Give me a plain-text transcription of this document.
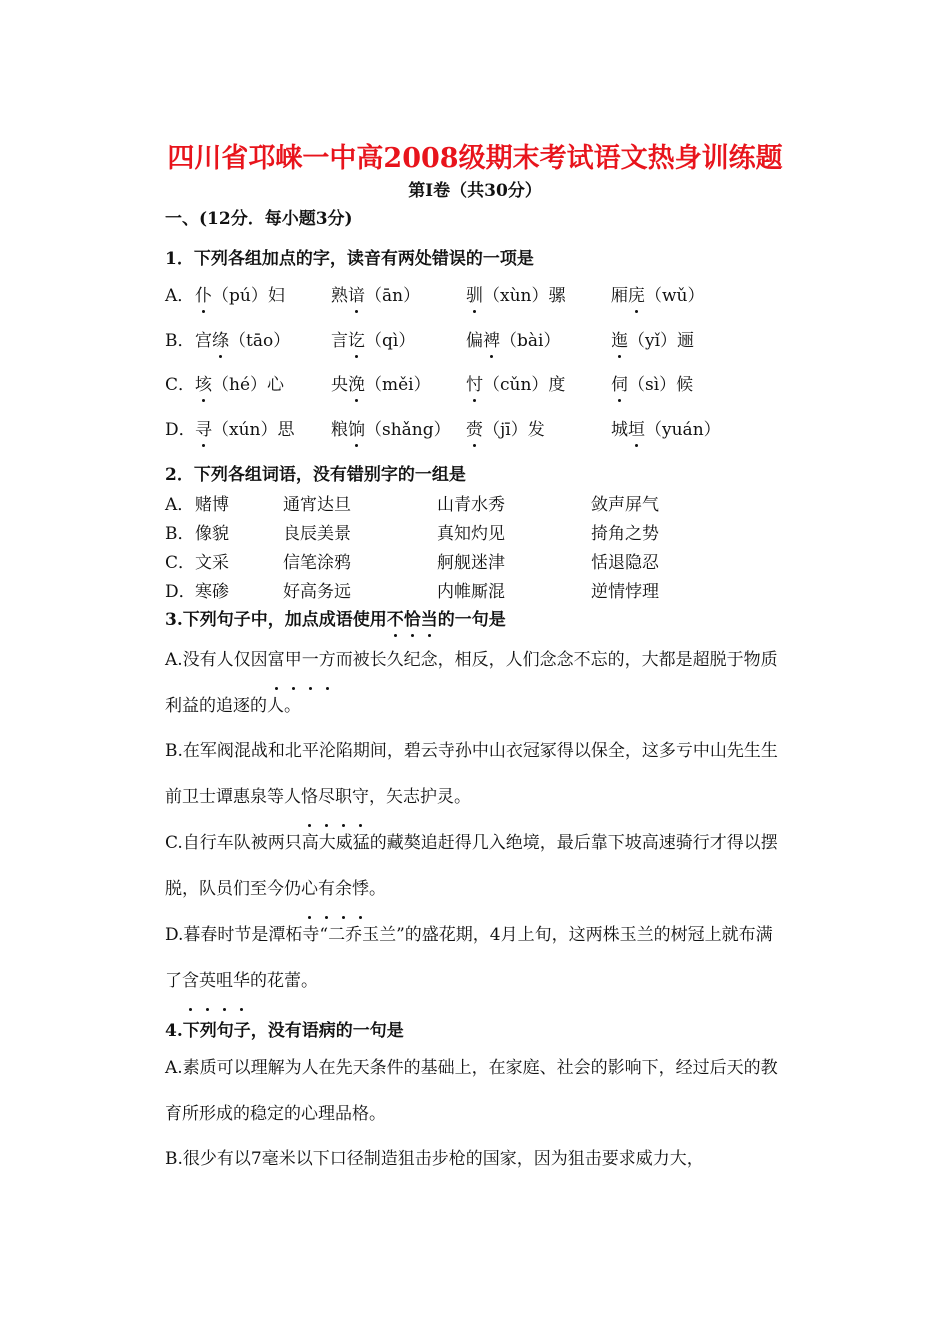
四川省邛崃一中高2008级期末考试语文热身训练题
第Ⅰ卷（共30分）
一、(12分．每小题3分)
1．下列各组加点的字，读音有两处错误的一项是
A． 仆（pú）妇	熟谙（ān）	驯（xùn）骡	厢庑（wǔ）
B． 宫绦（tāo） 言讫（qì）	偏裨（bài）	迤（yǐ）逦
C． 垓（hé）心	央浼（měi） 忖（cǔn）度	伺（sì）候
D． 寻（xún）思 粮饷（shǎng） 赍（jī）发	城垣（yuán）
2．下列各组词语，没有错别字的一组是
A． 赌博	通宵达旦	山青水秀	敛声屏气
B． 像貌	良辰美景	真知灼见	掎角之势
C． 文采	信笔涂鸦	舸舰迷津	恬退隐忍
D． 寒碜	好高务远	内帷厮混	逆情悖理
3.下列句子中，加点成语使用不恰当的一句是
A.没有人仅因富甲一方而被长久纪念，相反，人们念念不忘的，大都是超脱于物质利益的追逐的人。
B.在军阀混战和北平沦陷期间，碧云寺孙中山衣冠冢得以保全，这多亏中山先生生前卫士谭惠泉等人恪尽职守，矢志护灵。
C.自行车队被两只高大威猛的藏獒追赶得几入绝境，最后靠下坡高速骑行才得以摆脱，队员们至今仍心有余悸。
D.暮春时节是潭柘寺“二乔玉兰”的盛花期，4月上旬，这两株玉兰的树冠上就布满了含英咀华的花蕾。
4.下列句子，没有语病的一句是
A.素质可以理解为人在先天条件的基础上，在家庭、社会的影响下，经过后天的教育所形成的稳定的心理品格。
B.很少有以7毫米以下口径制造狙击步枪的国家，因为狙击要求威力大，
